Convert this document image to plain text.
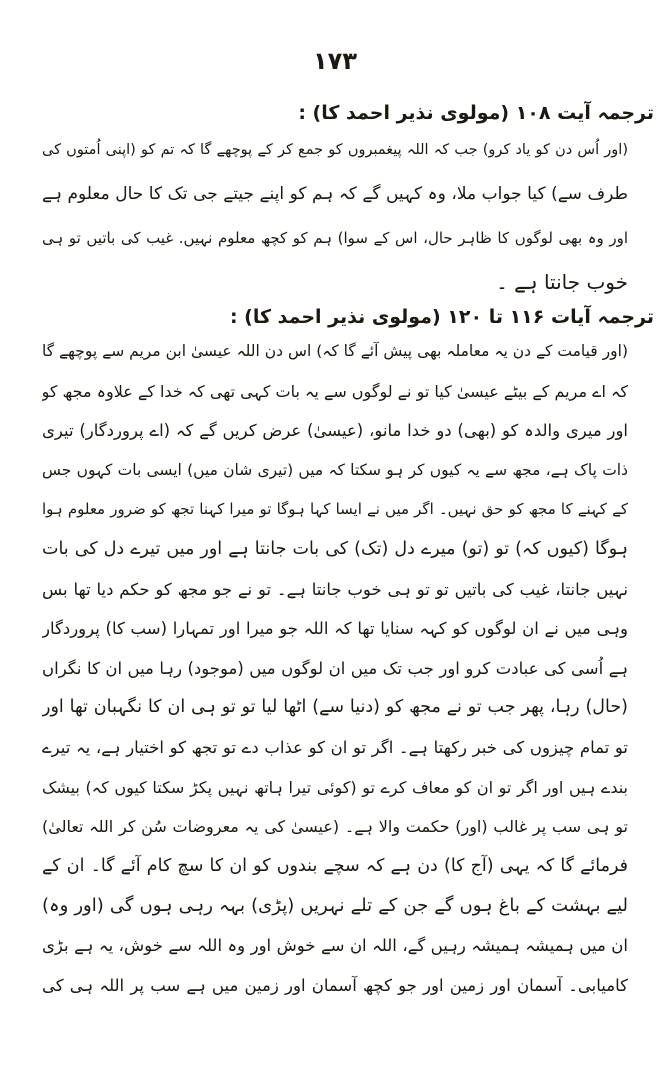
۱۷۳
ترجمہ آیت ۱۰۸ (مولوی نذیر احمد کا) :
(اور اُس دن کو یاد کرو) جب کہ اللہ پیغمبروں کو جمع کر کے پوچھے گا کہ تم کو (اپنی اُمتوں کی
طرف سے) کیا جواب ملا، وہ کہیں گے کہ ہم کو اپنے جیتے جی تک کا حال معلوم ہے
اور وہ بھی لوگوں کا ظاہر حال، اس کے سوا) ہم کو کچھ معلوم نہیں. غیب کی باتیں تو ہی
خوب جانتا ہے ۔
ترجمہ آیات ۱۱۶ تا ۱۲۰ (مولوی نذیر احمد کا) :
(اور قیامت کے دن یہ معاملہ بھی پیش آئے گا کہ) اس دن اللہ عیسیٰ ابن مریم سے پوچھے گا
کہ اے مریم کے بیٹے عیسیٰ کیا تو نے لوگوں سے یہ بات کہی تھی کہ خدا کے علاوہ مجھ کو
اور میری والدہ کو (بھی) دو خدا مانو، (عیسیٰ) عرض کریں گے کہ (اے پروردگار) تیری
ذات پاک ہے، مجھ سے یہ کیوں کر ہو سکتا کہ میں (تیری شان میں) ایسی بات کہوں جس
کے کہنے کا مجھ کو حق نہیں۔ اگر میں نے ایسا کہا ہوگا تو میرا کہنا تجھ کو ضرور معلوم ہوا
ہوگا (کیوں کہ) تو (تو) میرے دل (تک) کی بات جانتا ہے اور میں تیرے دل کی بات
نہیں جانتا، غیب کی باتیں تو تو ہی خوب جانتا ہے۔ تو نے جو مجھ کو حکم دیا تھا بس
وہی میں نے ان لوگوں کو کہہ سنایا تھا کہ اللہ جو میرا اور تمہارا (سب کا) پروردگار
ہے اُسی کی عبادت کرو اور جب تک میں ان لوگوں میں (موجود) رہا میں ان کا نگراں
(حال) رہا، پھر جب تو نے مجھ کو (دنیا سے) اٹھا لیا تو تو ہی ان کا نگہبان تھا اور
تو تمام چیزوں کی خبر رکھتا ہے۔ اگر تو ان کو عذاب دے تو تجھ کو اختیار ہے، یہ تیرے
بندے ہیں اور اگر تو ان کو معاف کرے تو (کوئی تیرا ہاتھ نہیں پکڑ سکتا کیوں کہ) بیشک
تو ہی سب پر غالب (اور) حکمت والا ہے۔ (عیسیٰ کی یہ معروضات سُن کر اللہ تعالیٰ)
فرمائے گا کہ یہی (آج کا) دن ہے کہ سچے بندوں کو ان کا سچ کام آئے گا۔ ان کے
لیے بہشت کے باغ ہوں گے جن کے تلے نہریں (پڑی) بہہ رہی ہوں گی (اور وہ)
ان میں ہمیشہ ہمیشہ رہیں گے، اللہ ان سے خوش اور وہ اللہ سے خوش، یہ ہے بڑی
کامیابی۔ آسمان اور زمین اور جو کچھ آسمان اور زمین میں ہے سب پر اللہ ہی کی
